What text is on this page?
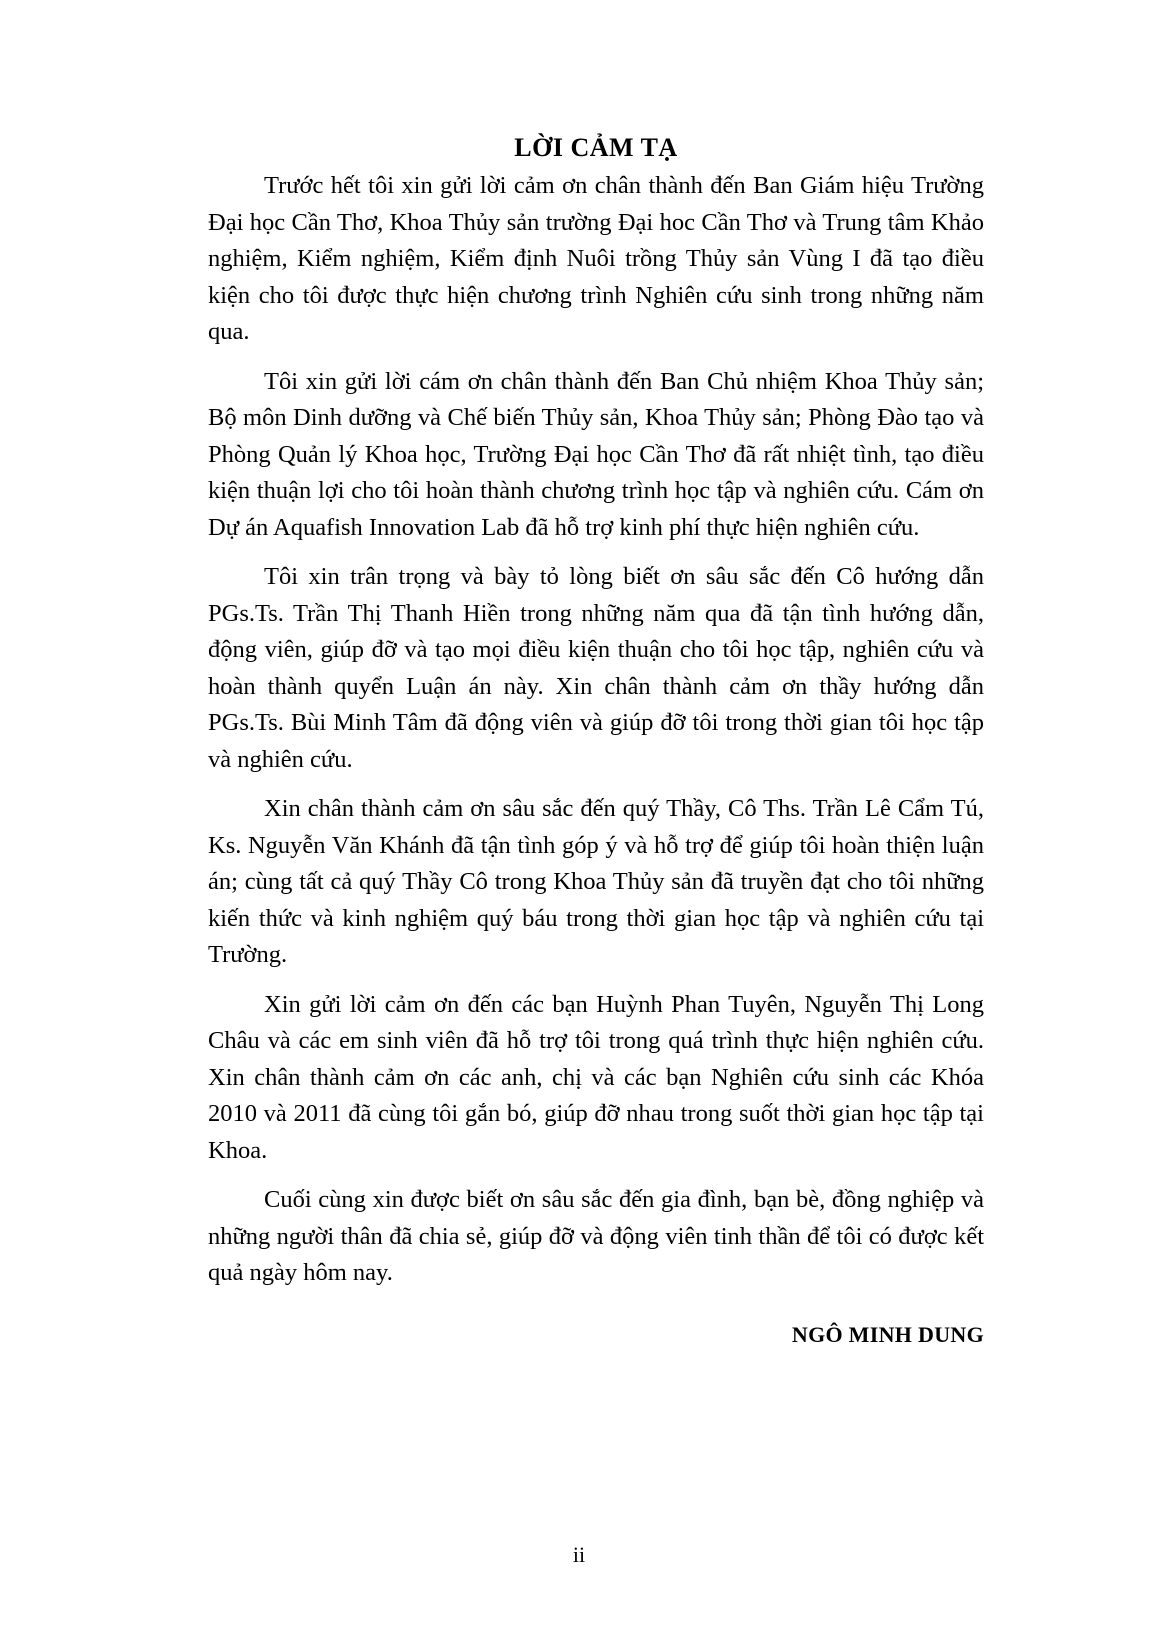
LỜI CẢM TẠ

Trước hết tôi xin gửi lời cảm ơn chân thành đến Ban Giám hiệu Trường Đại học Cần Thơ, Khoa Thủy sản trường Đại hoc Cần Thơ và Trung tâm Khảo nghiệm, Kiểm nghiệm, Kiểm định Nuôi trồng Thủy sản Vùng I đã tạo điều kiện cho tôi được thực hiện chương trình Nghiên cứu sinh trong những năm qua.

Tôi xin gửi lời cám ơn chân thành đến Ban Chủ nhiệm Khoa Thủy sản; Bộ môn Dinh dưỡng và Chế biến Thủy sản, Khoa Thủy sản; Phòng Đào tạo và Phòng Quản lý Khoa học, Trường Đại học Cần Thơ đã rất nhiệt tình, tạo điều kiện thuận lợi cho tôi hoàn thành chương trình học tập và nghiên cứu. Cám ơn Dự án Aquafish Innovation Lab đã hỗ trợ kinh phí thực hiện nghiên cứu.

Tôi xin trân trọng và bày tỏ lòng biết ơn sâu sắc đến Cô hướng dẫn PGs.Ts. Trần Thị Thanh Hiền trong những năm qua đã tận tình hướng dẫn, động viên, giúp đỡ và tạo mọi điều kiện thuận cho tôi học tập, nghiên cứu và hoàn thành quyển Luận án này. Xin chân thành cảm ơn thầy hướng dẫn PGs.Ts. Bùi Minh Tâm đã động viên và giúp đỡ tôi trong thời gian tôi học tập và nghiên cứu.

Xin chân thành cảm ơn sâu sắc đến quý Thầy, Cô Ths. Trần Lê Cẩm Tú, Ks. Nguyễn Văn Khánh đã tận tình góp ý và hỗ trợ để giúp tôi hoàn thiện luận án; cùng tất cả quý Thầy Cô trong Khoa Thủy sản đã truyền đạt cho tôi những kiến thức và kinh nghiệm quý báu trong thời gian học tập và nghiên cứu tại Trường.

Xin gửi lời cảm ơn đến các bạn Huỳnh Phan Tuyên, Nguyễn Thị Long Châu và các em sinh viên đã hỗ trợ tôi trong quá trình thực hiện nghiên cứu. Xin chân thành cảm ơn các anh, chị và các bạn Nghiên cứu sinh các Khóa 2010 và 2011 đã cùng tôi gắn bó, giúp đỡ nhau trong suốt thời gian học tập tại Khoa.

Cuối cùng xin được biết ơn sâu sắc đến gia đình, bạn bè, đồng nghiệp và những người thân đã chia sẻ, giúp đỡ và động viên tinh thần để tôi có được kết quả ngày hôm nay.

NGÔ MINH DUNG
ii
